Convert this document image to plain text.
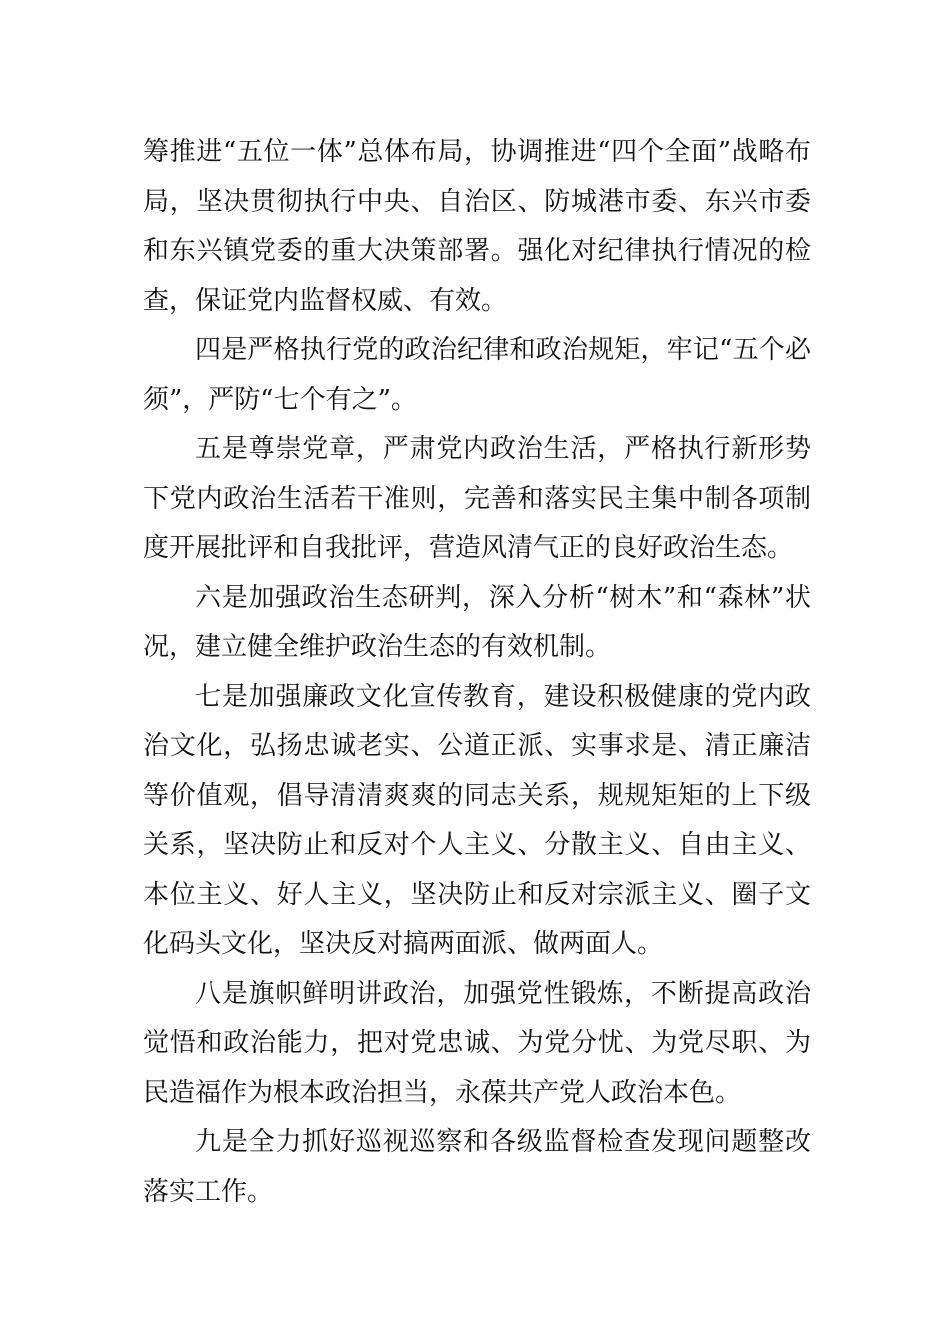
筹推进“五位一体”总体布局，协调推进“四个全面”战略布局，坚决贯彻执行中央、自治区、防城港市委、东兴市委和东兴镇党委的重大决策部署。强化对纪律执行情况的检查，保证党内监督权威、有效。

四是严格执行党的政治纪律和政治规矩，牢记“五个必须”，严防“七个有之”。

五是尊崇党章，严肃党内政治生活，严格执行新形势下党内政治生活若干准则，完善和落实民主集中制各项制度开展批评和自我批评，营造风清气正的良好政治生态。

六是加强政治生态研判，深入分析“树木”和“森林”状况，建立健全维护政治生态的有效机制。

七是加强廉政文化宣传教育，建设积极健康的党内政治文化，弘扬忠诚老实、公道正派、实事求是、清正廉洁等价值观，倡导清清爽爽的同志关系，规规矩矩的上下级关系，坚决防止和反对个人主义、分散主义、自由主义、本位主义、好人主义，坚决防止和反对宗派主义、圈子文化码头文化，坚决反对搞两面派、做两面人。

八是旗帜鲜明讲政治，加强党性锻炼，不断提高政治觉悟和政治能力，把对党忠诚、为党分忧、为党尽职、为民造福作为根本政治担当，永葆共产党人政治本色。

九是全力抓好巡视巡察和各级监督检查发现问题整改落实工作。
